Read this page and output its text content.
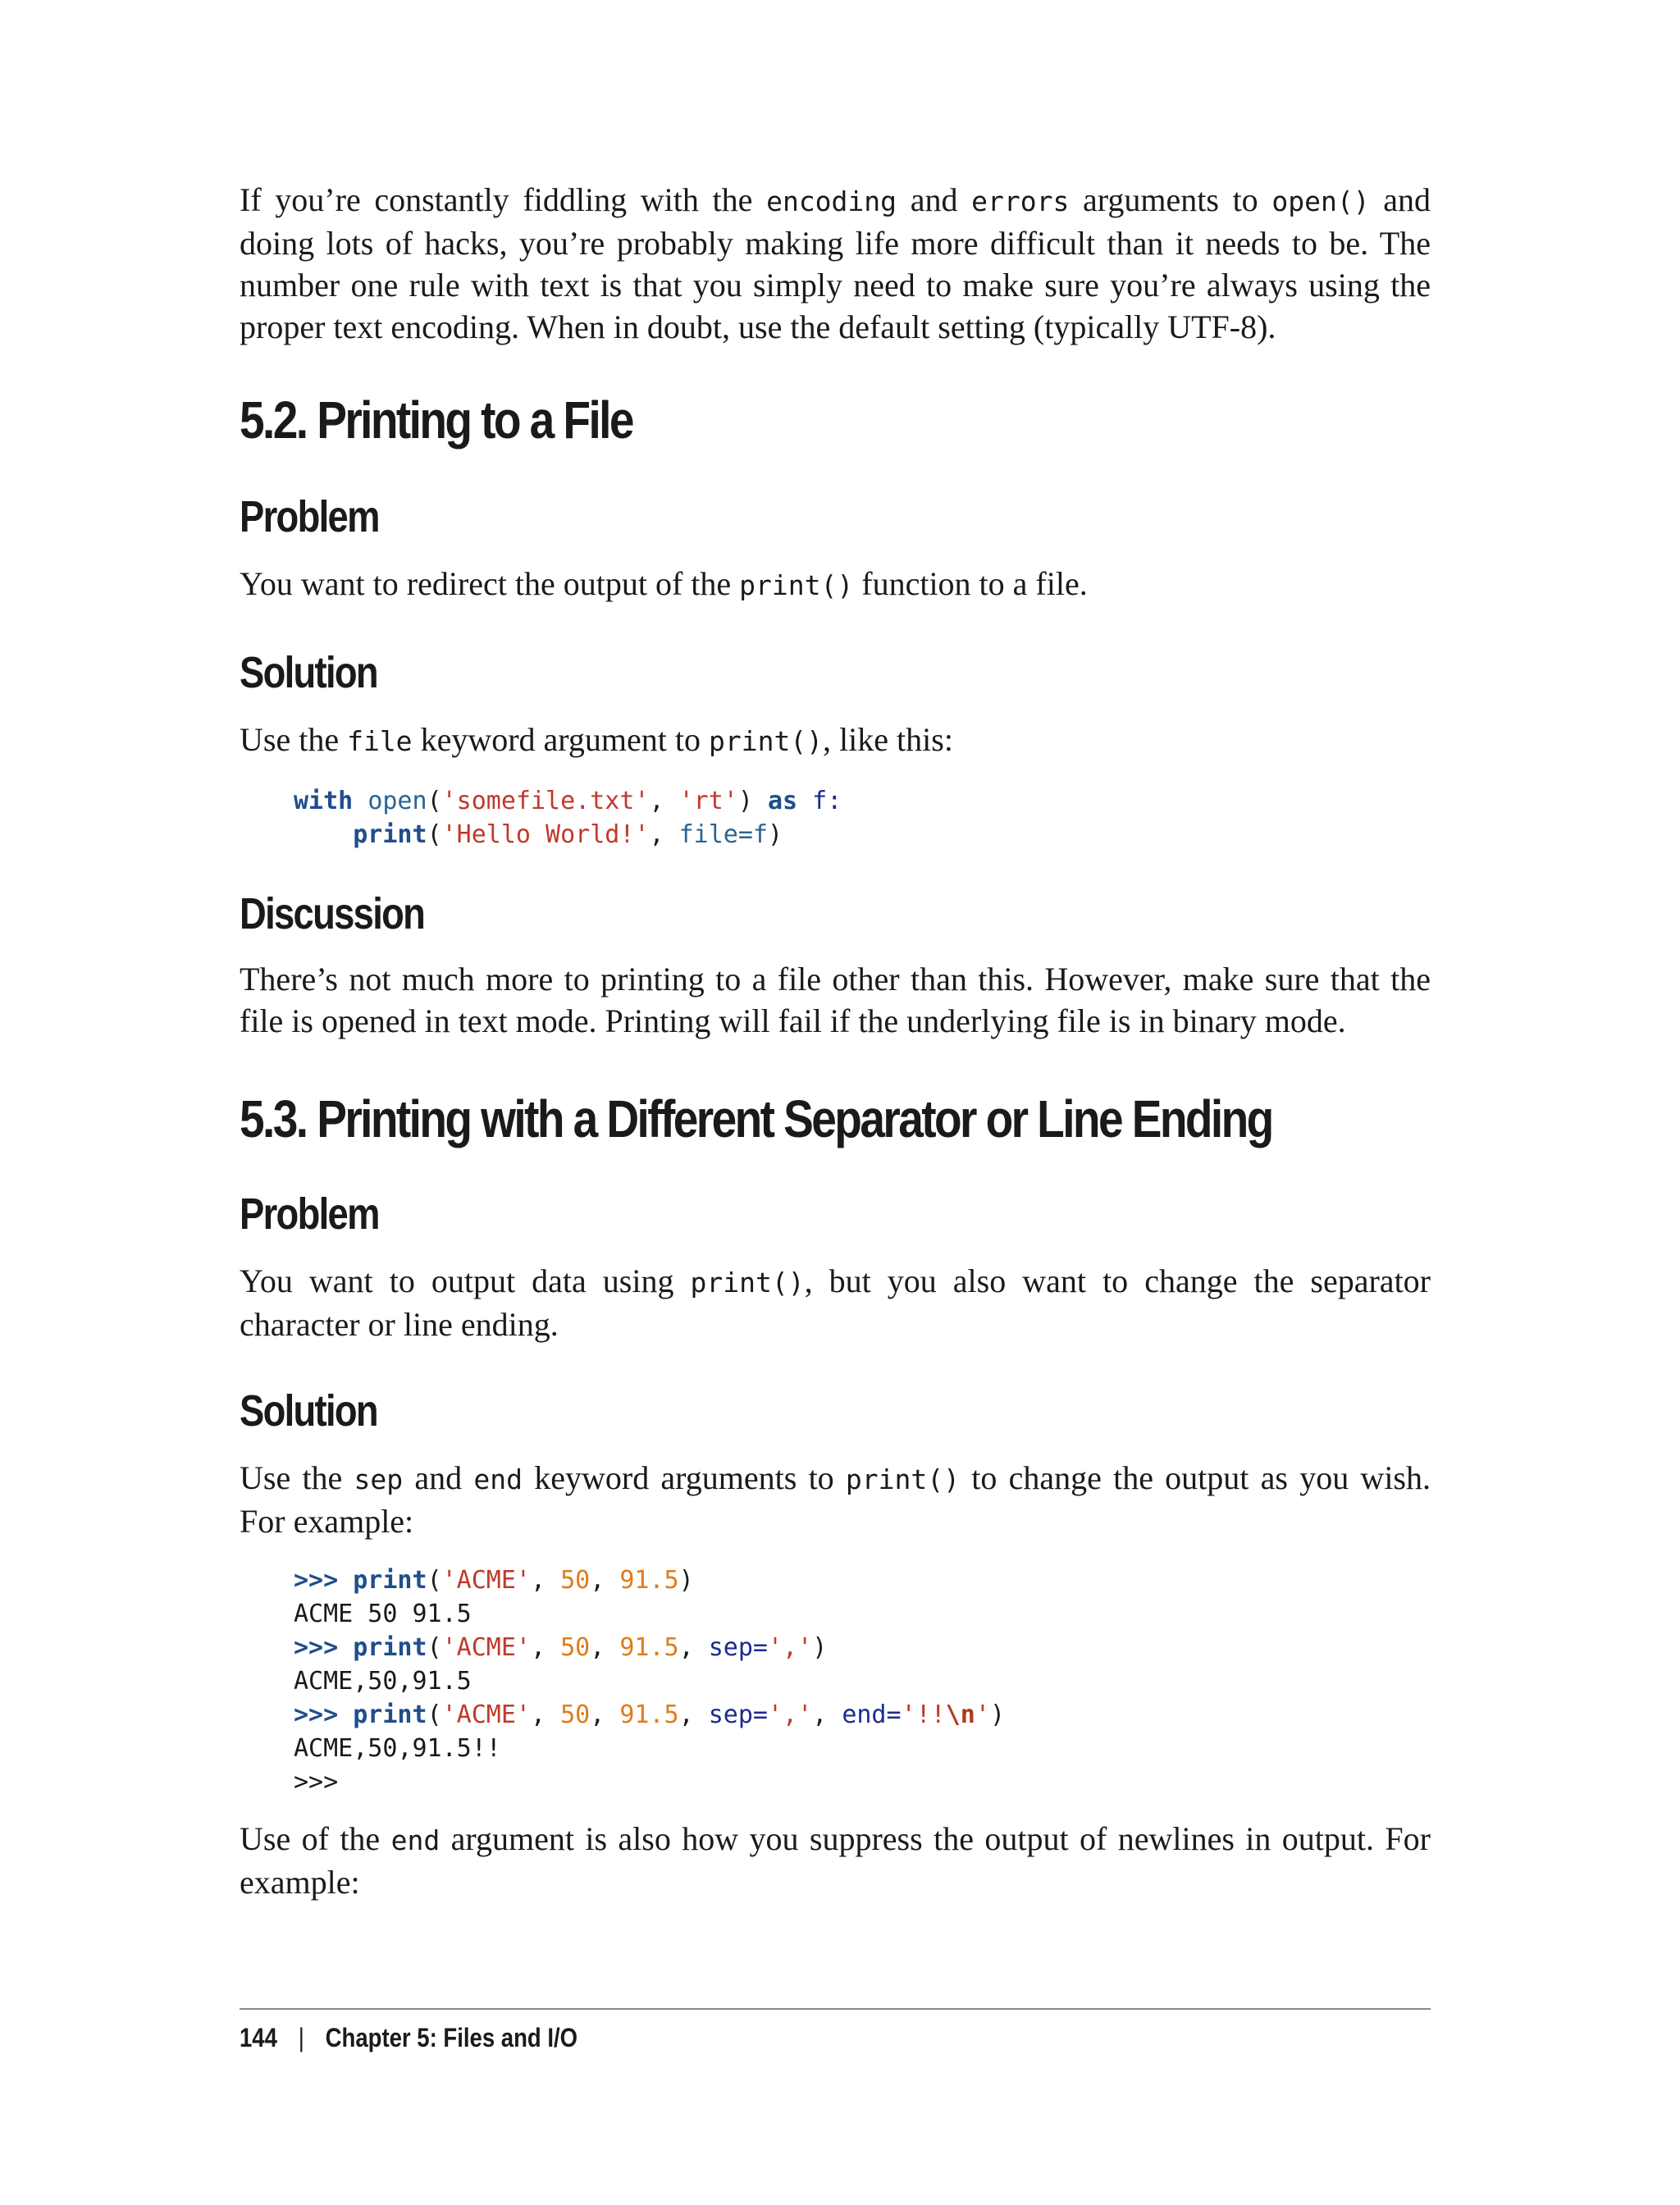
If you’re constantly fiddling with the encoding and errors arguments to open() and doing lots of hacks, you’re probably making life more difficult than it needs to be. The number one rule with text is that you simply need to make sure you’re always using the proper text encoding. When in doubt, use the default setting (typically UTF-8).

5.2. Printing to a File
Problem

You want to redirect the output of the print() function to a file.

Solution

Use the file keyword argument to print(), like this:

with open('somefile.txt', 'rt') as f:
print('Hello World!', file=f)
Discussion

There’s not much more to printing to a file other than this. However, make sure that the file is opened in text mode. Printing will fail if the underlying file is in binary mode.

5.3. Printing with a Different Separator or Line Ending
Problem

You want to output data using print(), but you also want to change the separator character or line ending.

Solution

Use the sep and end keyword arguments to print() to change the output as you wish. For example:

>>> print('ACME', 50, 91.5)
ACME 50 91.5
>>> print('ACME', 50, 91.5, sep=',')
ACME,50,91.5
>>> print('ACME', 50, 91.5, sep=',', end='!!\n')
ACME,50,91.5!!
>>>

Use of the end argument is also how you suppress the output of newlines in output. For example:

144 | Chapter 5: Files and I/O
